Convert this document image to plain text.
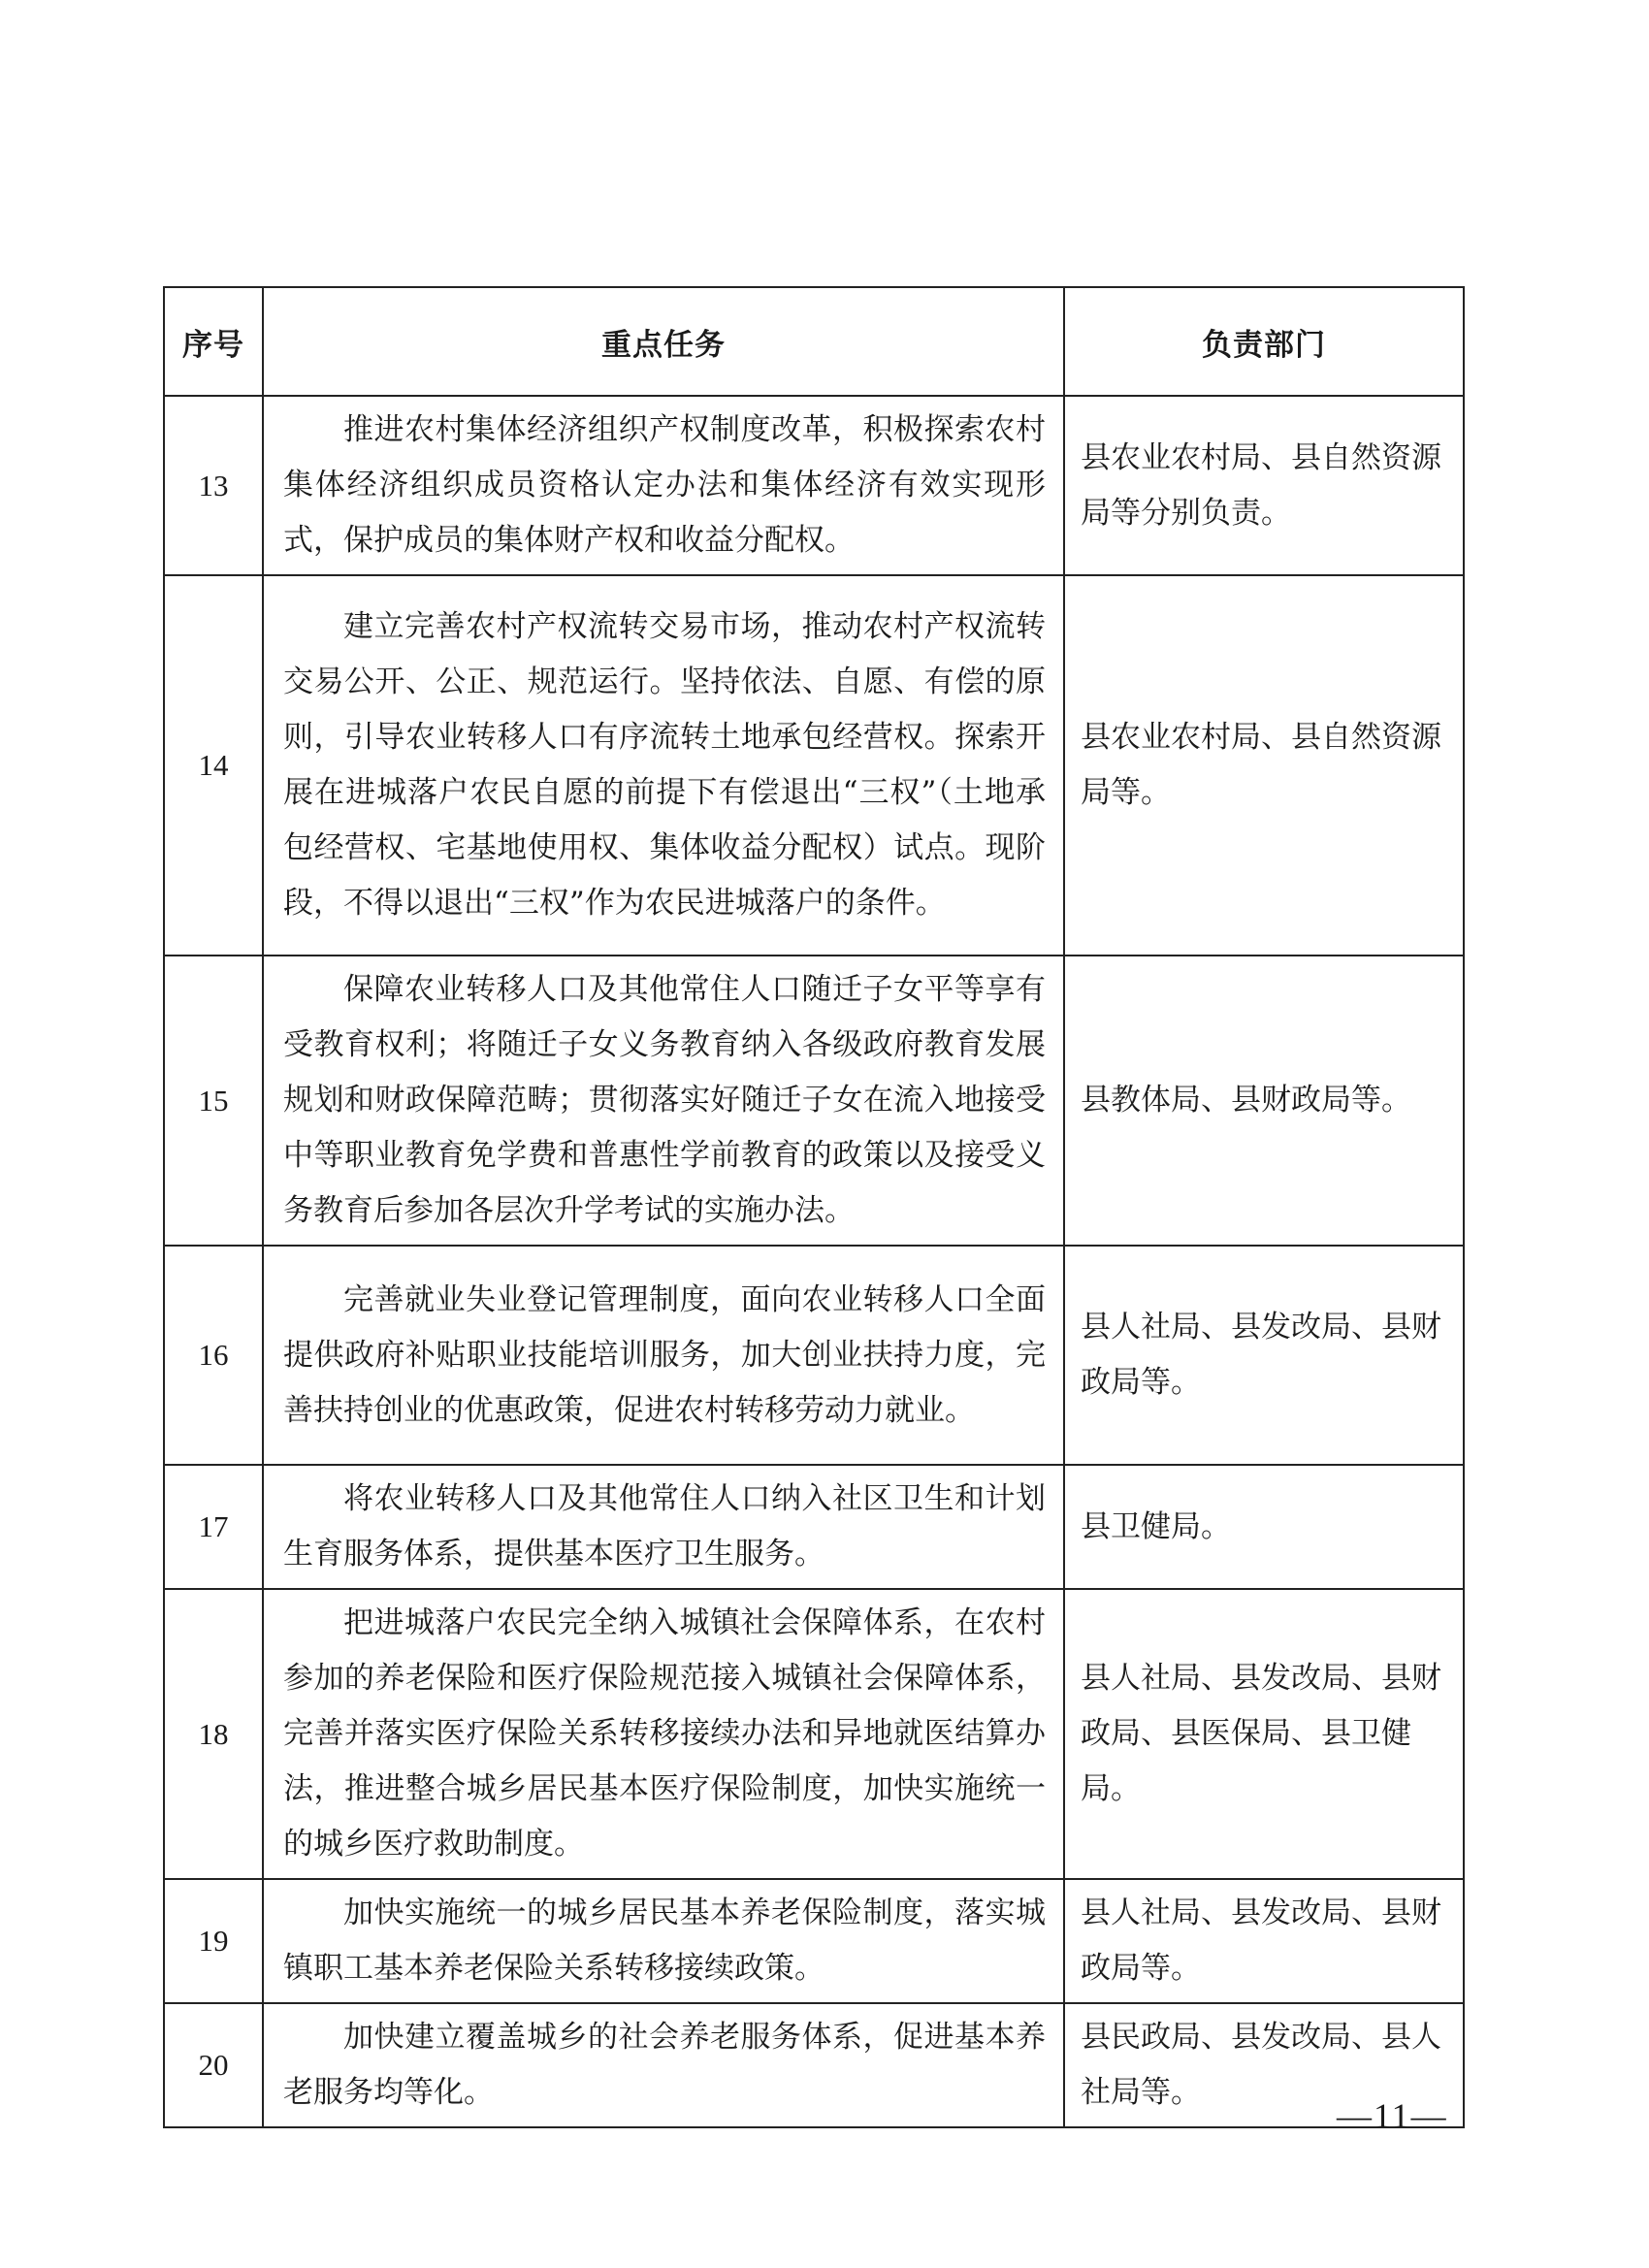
序号	重点任务	负责部门
13	推进农村集体经济组织产权制度改革，积极探索农村集体经济组织成员资格认定办法和集体经济有效实现形式，保护成员的集体财产权和收益分配权。	县农业农村局、县自然资源局等分别负责。
14	建立完善农村产权流转交易市场，推动农村产权流转交易公开、公正、规范运行。坚持依法、自愿、有偿的原则，引导农业转移人口有序流转土地承包经营权。探索开展在进城落户农民自愿的前提下有偿退出“三权”（土地承包经营权、宅基地使用权、集体收益分配权）试点。现阶段，不得以退出“三权”作为农民进城落户的条件。	县农业农村局、县自然资源局等。
15	保障农业转移人口及其他常住人口随迁子女平等享有受教育权利；将随迁子女义务教育纳入各级政府教育发展规划和财政保障范畴；贯彻落实好随迁子女在流入地接受中等职业教育免学费和普惠性学前教育的政策以及接受义务教育后参加各层次升学考试的实施办法。	县教体局、县财政局等。
16	完善就业失业登记管理制度，面向农业转移人口全面提供政府补贴职业技能培训服务，加大创业扶持力度，完善扶持创业的优惠政策，促进农村转移劳动力就业。	县人社局、县发改局、县财政局等。
17	将农业转移人口及其他常住人口纳入社区卫生和计划生育服务体系，提供基本医疗卫生服务。	县卫健局。
18	把进城落户农民完全纳入城镇社会保障体系，在农村参加的养老保险和医疗保险规范接入城镇社会保障体系，完善并落实医疗保险关系转移接续办法和异地就医结算办法，推进整合城乡居民基本医疗保险制度，加快实施统一的城乡医疗救助制度。	县人社局、县发改局、县财政局、县医保局、县卫健局。
19	加快实施统一的城乡居民基本养老保险制度，落实城镇职工基本养老保险关系转移接续政策。	县人社局、县发改局、县财政局等。
20	加快建立覆盖城乡的社会养老服务体系，促进基本养老服务均等化。	县民政局、县发改局、县人社局等。
—11—
